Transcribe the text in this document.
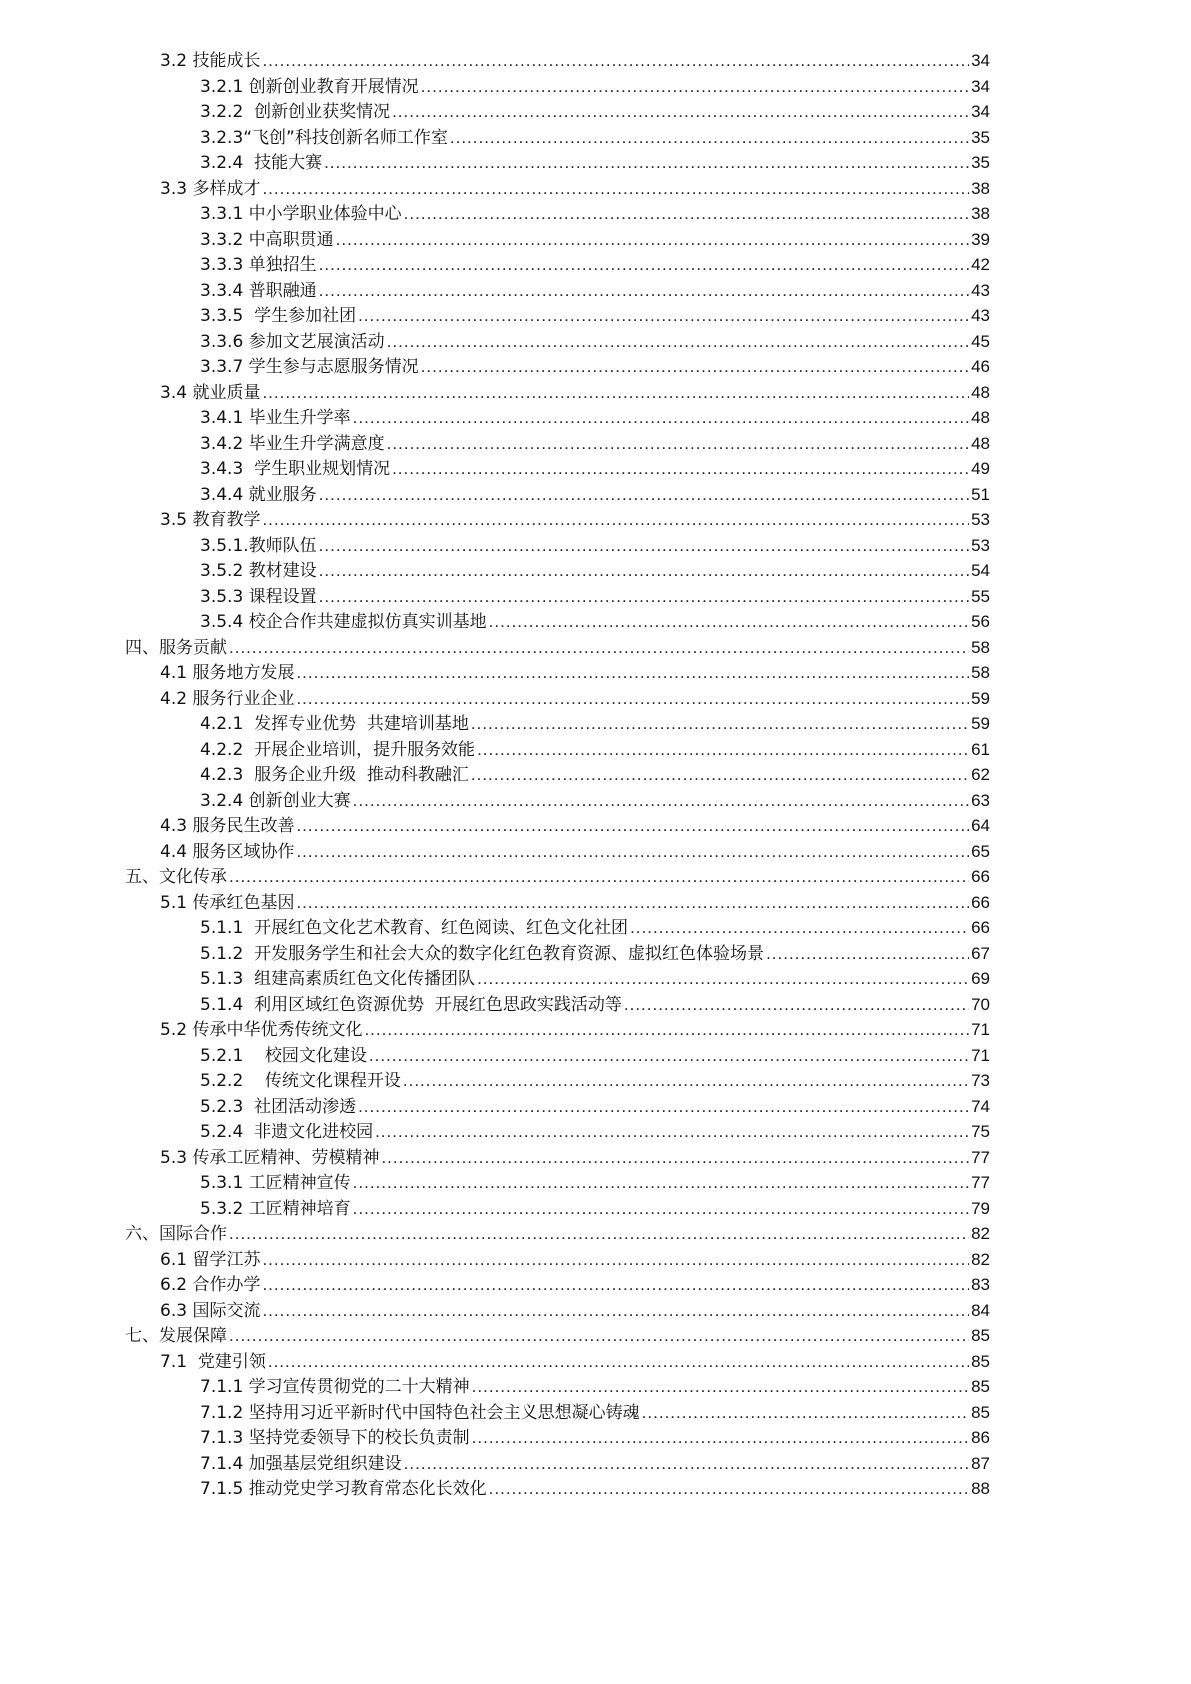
3.2 技能成长 .....	34
3.2.1 创新创业教育开展情况 .....	34
3.2.2  创新创业获奖情况 .....	34
3.2.3“飞创”科技创新名师工作室 .....	35
3.2.4  技能大赛 .....	35
3.3 多样成才 .....	38
3.3.1 中小学职业体验中心 .....	38
3.3.2 中高职贯通 .....	39
3.3.3 单独招生 .....	42
3.3.4 普职融通 .....	43
3.3.5  学生参加社团 .....	43
3.3.6 参加文艺展演活动 .....	45
3.3.7 学生参与志愿服务情况 .....	46
3.4 就业质量 .....	48
3.4.1 毕业生升学率 .....	48
3.4.2 毕业生升学满意度 .....	48
3.4.3  学生职业规划情况 .....	49
3.4.4 就业服务 .....	51
3.5 教育教学 .....	53
3.5.1.教师队伍 .....	53
3.5.2 教材建设 .....	54
3.5.3 课程设置 .....	55
3.5.4 校企合作共建虚拟仿真实训基地 .....	56
四、服务贡献 .....	58
4.1 服务地方发展 .....	58
4.2 服务行业企业 .....	59
4.2.1  发挥专业优势  共建培训基地 .....	59
4.2.2  开展企业培训，提升服务效能 .....	61
4.2.3  服务企业升级  推动科教融汇 .....	62
3.2.4 创新创业大赛 .....	63
4.3 服务民生改善 .....	64
4.4 服务区域协作 .....	65
五、文化传承 .....	66
5.1 传承红色基因 .....	66
5.1.1  开展红色文化艺术教育、红色阅读、红色文化社团 .....	66
5.1.2  开发服务学生和社会大众的数字化红色教育资源、虚拟红色体验场景 .....	67
5.1.3  组建高素质红色文化传播团队 .....	69
5.1.4  利用区域红色资源优势  开展红色思政实践活动等 .....	70
5.2 传承中华优秀传统文化 .....	71
5.2.1    校园文化建设 .....	71
5.2.2    传统文化课程开设 .....	73
5.2.3  社团活动渗透 .....	74
5.2.4  非遗文化进校园 .....	75
5.3 传承工匠精神、劳模精神 .....	77
5.3.1 工匠精神宣传 .....	77
5.3.2 工匠精神培育 .....	79
六、国际合作 .....	82
6.1 留学江苏 .....	82
6.2 合作办学 .....	83
6.3 国际交流 .....	84
七、发展保障 .....	85
7.1  党建引领 .....	85
7.1.1 学习宣传贯彻党的二十大精神 .....	85
7.1.2 坚持用习近平新时代中国特色社会主义思想凝心铸魂 .....	85
7.1.3 坚持党委领导下的校长负责制 .....	86
7.1.4 加强基层党组织建设 .....	87
7.1.5 推动党史学习教育常态化长效化 .....	88
